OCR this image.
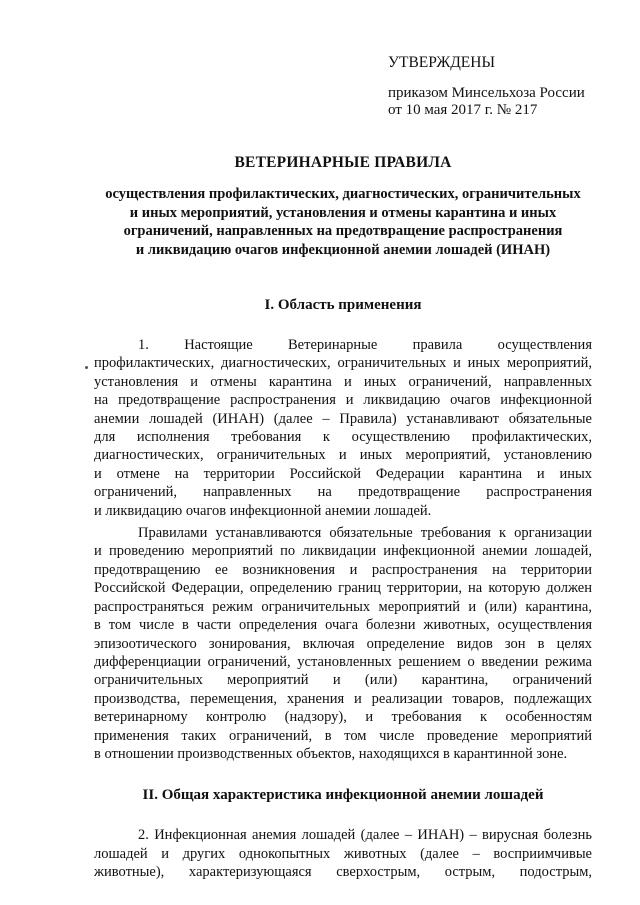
УТВЕРЖДЕНЫ
приказом Минсельхоза России
от 10 мая 2017 г. № 217
ВЕТЕРИНАРНЫЕ ПРАВИЛА
осуществления профилактических, диагностических, ограничительных
и иных мероприятий, установления и отмены карантина и иных
ограничений, направленных на предотвращение распространения
и ликвидацию очагов инфекционной анемии лошадей (ИНАН)
I. Область применения
1. Настоящие Ветеринарные правила осуществления
профилактических, диагностических, ограничительных и иных мероприятий,
установления и отмены карантина и иных ограничений, направленных
на предотвращение распространения и ликвидацию очагов инфекционной
анемии лошадей (ИНАН) (далее – Правила) устанавливают обязательные
для исполнения требования к осуществлению профилактических,
диагностических, ограничительных и иных мероприятий, установлению
и отмене на территории Российской Федерации карантина и иных
ограничений, направленных на предотвращение распространения
и ликвидацию очагов инфекционной анемии лошадей.
Правилами устанавливаются обязательные требования к организации
и проведению мероприятий по ликвидации инфекционной анемии лошадей,
предотвращению ее возникновения и распространения на территории
Российской Федерации, определению границ территории, на которую должен
распространяться режим ограничительных мероприятий и (или) карантина,
в том числе в части определения очага болезни животных, осуществления
эпизоотического зонирования, включая определение видов зон в целях
дифференциации ограничений, установленных решением о введении режима
ограничительных мероприятий и (или) карантина, ограничений
производства, перемещения, хранения и реализации товаров, подлежащих
ветеринарному контролю (надзору), и требования к особенностям
применения таких ограничений, в том числе проведение мероприятий
в отношении производственных объектов, находящихся в карантинной зоне.
II. Общая характеристика инфекционной анемии лошадей
2. Инфекционная анемия лошадей (далее – ИНАН) – вирусная болезнь
лошадей и других однокопытных животных (далее – восприимчивые
животные), характеризующаяся сверхострым, острым, подострым,
